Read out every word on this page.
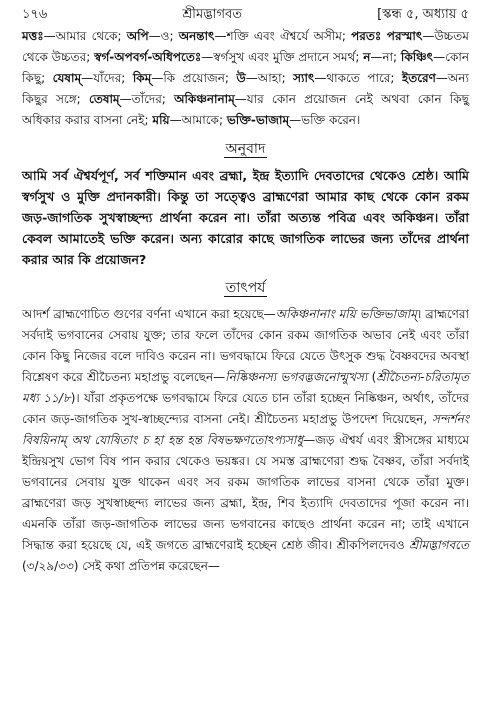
১৭৬	শ্রীমদ্ভাগবত	[স্কন্ধ ৫, অধ্যায় ৫

মত্তঃ—আমার থেকে; অপি—ও; অনন্তাৎ—শক্তি এবং ঐশ্বর্যে অসীম; পরতঃ পরস্মাৎ—উচ্চতম থেকে উচ্চতর; স্বর্গ-অপবর্গ-অধিপতেঃ—স্বর্গসুখ এবং মুক্তি প্রদানে সমর্থ; ন—না; কিঞ্চিৎ—কোন কিছু; যেষাম্—যাঁদের; কিম্—কি প্রয়োজন; উ—আহা; স্যাৎ—থাকতে পারে; ইতরেণ—অন্য কিছুর সঙ্গে; তেষাম্—তাঁদের; অকিঞ্চনানাম্—যার কোন প্রয়োজন নেই অথবা কোন কিছু অধিকার করার বাসনা নেই; ময়ি—আমাকে; ভক্তি-ভাজাম্—ভক্তি করেন।

অনুবাদ

আমি সর্ব ঐশ্বর্যপূর্ণ, সর্ব শক্তিমান এবং ব্রহ্মা, ইন্দ্র ইত্যাদি দেবতাদের থেকেও শ্রেষ্ঠ। আমি স্বর্গসুখ ও মুক্তি প্রদানকারী। কিন্তু তা সত্ত্বেও ব্রাহ্মণেরা আমার কাছ থেকে কোন রকম জড়-জাগতিক সুখস্বাচ্ছন্দ্য প্রার্থনা করেন না। তাঁরা অত্যন্ত পবিত্র এবং অকিঞ্চন। তাঁরা কেবল আমাতেই ভক্তি করেন। অন্য কারোর কাছে জাগতিক লাভের জন্য তাঁদের প্রার্থনা করার আর কি প্রয়োজন?

তাৎপর্য

আদর্শ ব্রাহ্মণোচিত গুণের বর্ণনা এখানে করা হয়েছে—অকিঞ্চনানাং ময়ি ভক্তিভাজাম্। ব্রাহ্মণেরা সর্বদাই ভগবানের সেবায় যুক্ত; তার ফলে তাঁদের কোন রকম জাগতিক অভাব নেই এবং তাঁরা কোন কিছু নিজের বলে দাবিও করেন না। ভগবদ্ধামে ফিরে যেতে উৎসুক শুদ্ধ বৈষ্ণবদের অবস্থা বিশ্লেষণ করে শ্রীচৈতন্য মহাপ্রভু বলেছেন—নিষ্কিঞ্চনস্য ভগবদ্ভজনোন্মুখস্য (শ্রীচৈতন্য-চরিতামৃত মধ্য ১১/৮)। যাঁরা প্রকৃতপক্ষে ভগবদ্ধামে ফিরে যেতে চান তাঁরা হচ্ছেন নিষ্কিঞ্চন, অর্থাৎ, তাঁদের কোন জড়-জাগতিক সুখ-স্বাচ্ছন্দ্যের বাসনা নেই। শ্রীচৈতন্য মহাপ্রভু উপদেশ দিয়েছেন, সন্দর্শনং বিষয়িনাম্ অথ যোষিতাং চ হা হন্ত হন্ত বিষভক্ষণতোঽপ্যসাধু—জড় ঐশ্বর্য এবং স্ত্রীসঙ্গের মাধ্যমে ইন্দ্রিয়সুখ ভোগ বিষ পান করার থেকেও ভয়ঙ্কর। যে সমস্ত ব্রাহ্মণেরা শুদ্ধ বৈষ্ণব, তাঁরা সর্বদাই ভগবানের সেবায় যুক্ত থাকেন এবং সব রকম জাগতিক লাভের বাসনা থেকে তাঁরা মুক্ত। ব্রাহ্মণেরা জড় সুখস্বাচ্ছন্দ্য লাভের জন্য ব্রহ্মা, ইন্দ্র, শিব ইত্যাদি দেবতাদের পূজা করেন না। এমনকি তাঁরা জড়-জাগতিক লাভের জন্য ভগবানের কাছেও প্রার্থনা করেন না; তাই এখানে সিদ্ধান্ত করা হয়েছে যে, এই জগতে ব্রাহ্মণেরাই হচ্ছেন শ্রেষ্ঠ জীব। শ্রীকপিলদেবও শ্রীমদ্ভাগবতে (৩/২৯/৩৩) সেই কথা প্রতিপন্ন করেছেন—
